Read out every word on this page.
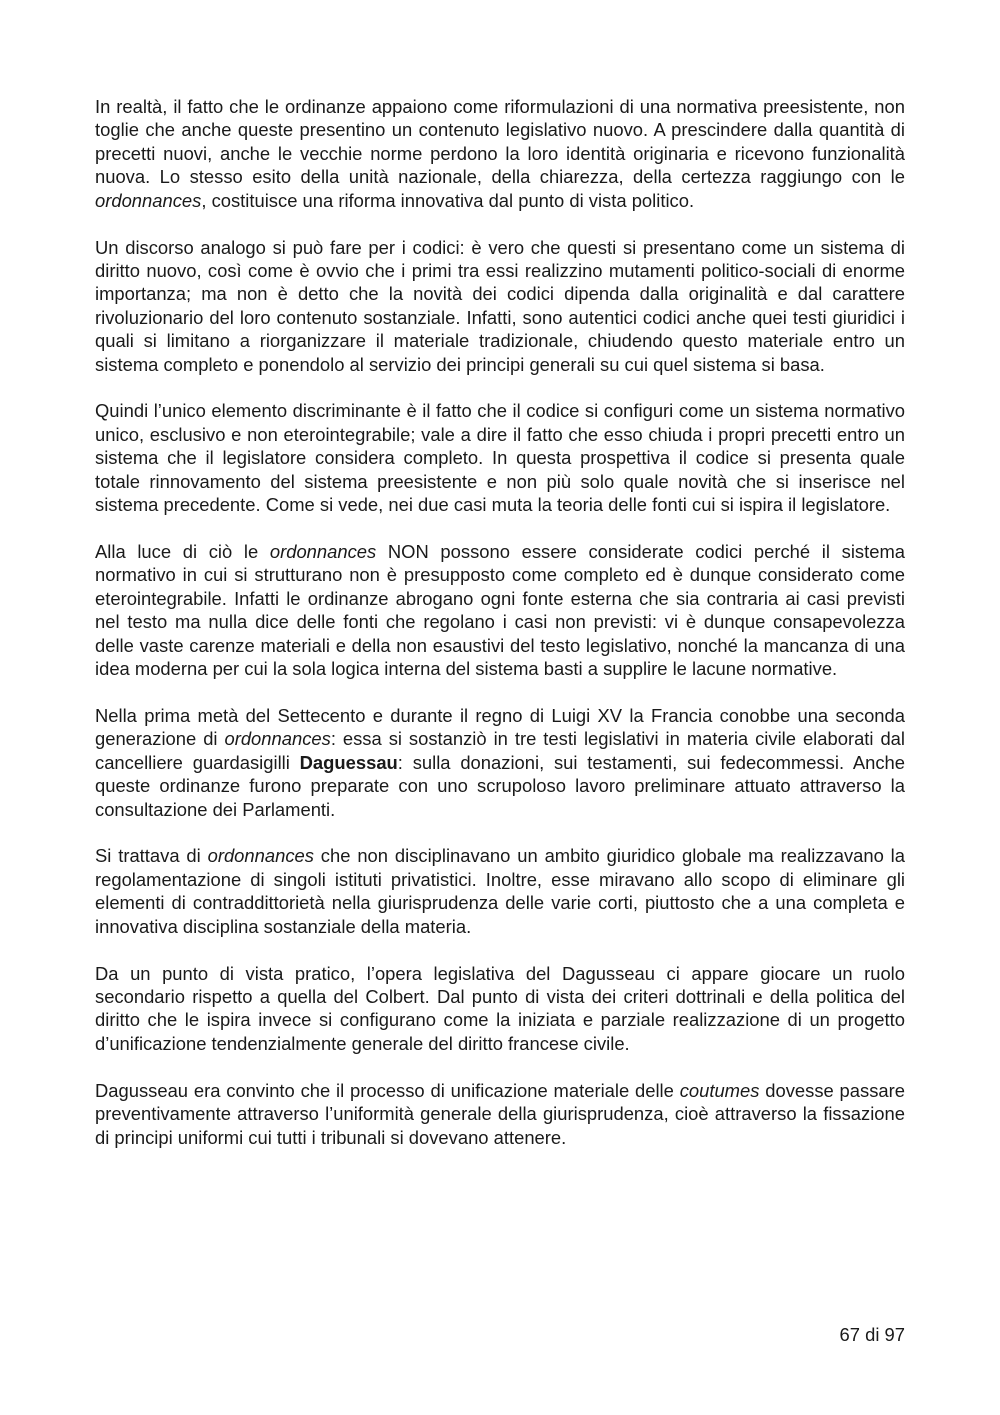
In realtà, il fatto che le ordinanze appaiono come riformulazioni di una normativa preesistente, non toglie che anche queste presentino un contenuto legislativo nuovo. A prescindere dalla quantità di precetti nuovi, anche le vecchie norme perdono la loro identità originaria e ricevono funzionalità nuova. Lo stesso esito della unità nazionale, della chiarezza, della certezza raggiungo con le ordonnances, costituisce una riforma innovativa dal punto di vista politico.

Un discorso analogo si può fare per i codici: è vero che questi si presentano come un sistema di diritto nuovo, così come è ovvio che i primi tra essi realizzino mutamenti politico-sociali di enorme importanza; ma non è detto che la novità dei codici dipenda dalla originalità e dal carattere rivoluzionario del loro contenuto sostanziale. Infatti, sono autentici codici anche quei testi giuridici i quali si limitano a riorganizzare il materiale tradizionale, chiudendo questo materiale entro un sistema completo e ponendolo al servizio dei principi generali su cui quel sistema si basa.

Quindi l’unico elemento discriminante è il fatto che il codice si configuri come un sistema normativo unico, esclusivo e non eterointegrabile; vale a dire il fatto che esso chiuda i propri precetti entro un sistema che il legislatore considera completo. In questa prospettiva il codice si presenta quale totale rinnovamento del sistema preesistente e non più solo quale novità che si inserisce nel sistema precedente. Come si vede, nei due casi muta la teoria delle fonti cui si ispira il legislatore.

Alla luce di ciò le ordonnances NON possono essere considerate codici perché il sistema normativo in cui si strutturano non è presupposto come completo ed è dunque considerato come eterointegrabile. Infatti le ordinanze abrogano ogni fonte esterna che sia contraria ai casi previsti nel testo ma nulla dice delle fonti che regolano i casi non previsti: vi è dunque consapevolezza delle vaste carenze materiali e della non esaustivi del testo legislativo, nonché la mancanza di una idea moderna per cui la sola logica interna del sistema basti a supplire le lacune normative.

Nella prima metà del Settecento e durante il regno di Luigi XV la Francia conobbe una seconda generazione di ordonnances: essa si sostanziò in tre testi legislativi in materia civile elaborati dal cancelliere guardasigilli Daguessau: sulla donazioni, sui testamenti, sui fedecommessi. Anche queste ordinanze furono preparate con uno scrupoloso lavoro preliminare attuato attraverso la consultazione dei Parlamenti.

Si trattava di ordonnances che non disciplinavano un ambito giuridico globale ma realizzavano la regolamentazione di singoli istituti privatistici. Inoltre, esse miravano allo scopo di eliminare gli elementi di contraddittorietà nella giurisprudenza delle varie corti, piuttosto che a una completa e innovativa disciplina sostanziale della materia.

Da un punto di vista pratico, l’opera legislativa del Dagusseau ci appare giocare un ruolo secondario rispetto a quella del Colbert. Dal punto di vista dei criteri dottrinali e della politica del diritto che le ispira invece si configurano come la iniziata e parziale realizzazione di un progetto d’unificazione tendenzialmente generale del diritto francese civile.

Dagusseau era convinto che il processo di unificazione materiale delle coutumes dovesse passare preventivamente attraverso l’uniformità generale della giurisprudenza, cioè attraverso la fissazione di principi uniformi cui tutti i tribunali si dovevano attenere.

67 di 97
